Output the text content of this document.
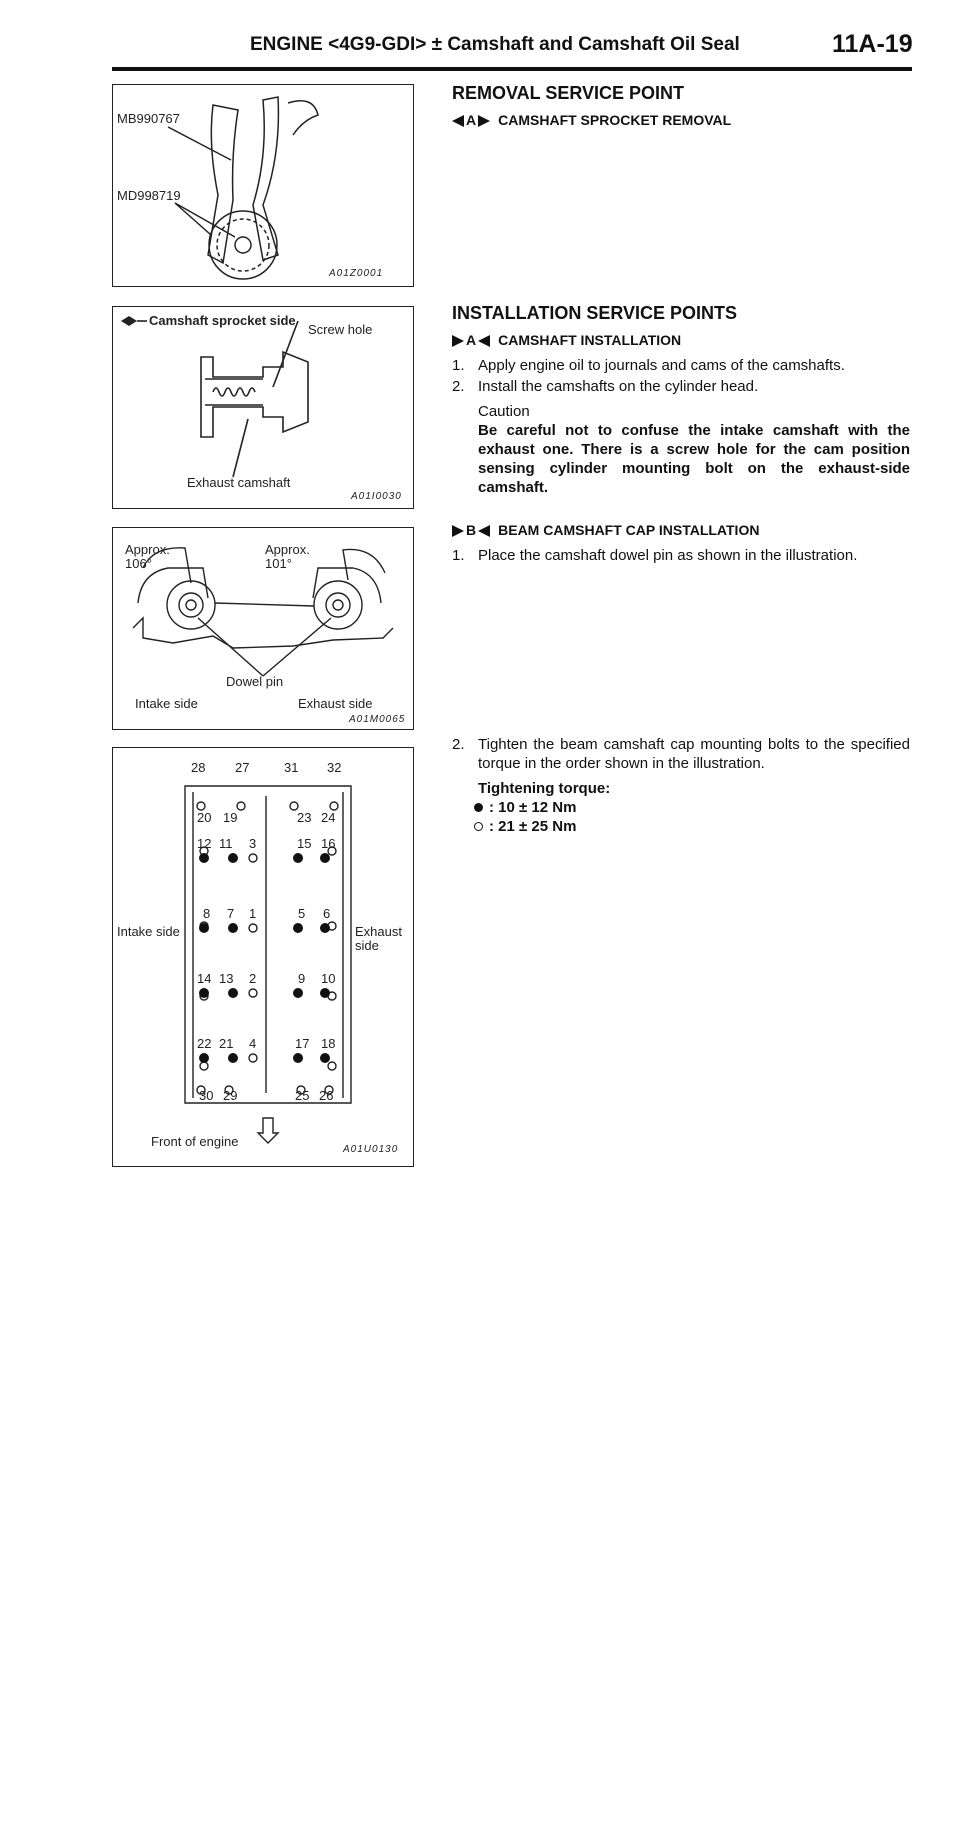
ENGINE <4G9-GDI> ± Camshaft and Camshaft Oil Seal	11A-19
MB990767
MD998719
A01Z0001
Camshaft sprocket side
Screw hole
Exhaust camshaft
A01I0030
Approx.
106°
Approx.
101°
Dowel pin
Intake side	Exhaust side
A01M0065
28 27	31 32
20 19	23 24
12 11 3	15 16
8 7 1	5 6
14 13 2	9 10
22 21 4	17 18
30 29	25 26
Intake side	Exhaust
side
Front of engine
A01U0130
REMOVAL SERVICE POINT
A CAMSHAFT SPROCKET REMOVAL
INSTALLATION SERVICE POINTS
A CAMSHAFT INSTALLATION
1. Apply engine oil to journals and cams of the camshafts.
2. Install the camshafts on the cylinder head.
Caution
Be careful not to confuse the intake camshaft with the exhaust one. There is a screw hole for the cam position sensing cylinder mounting bolt on the exhaust-side camshaft.
B BEAM CAMSHAFT CAP INSTALLATION
1. Place the camshaft dowel pin as shown in the illustration.
2. Tighten the beam camshaft cap mounting bolts to the specified torque in the order shown in the illustration.
Tightening torque:
: 10 ± 12 Nm
: 21 ± 25 Nm
